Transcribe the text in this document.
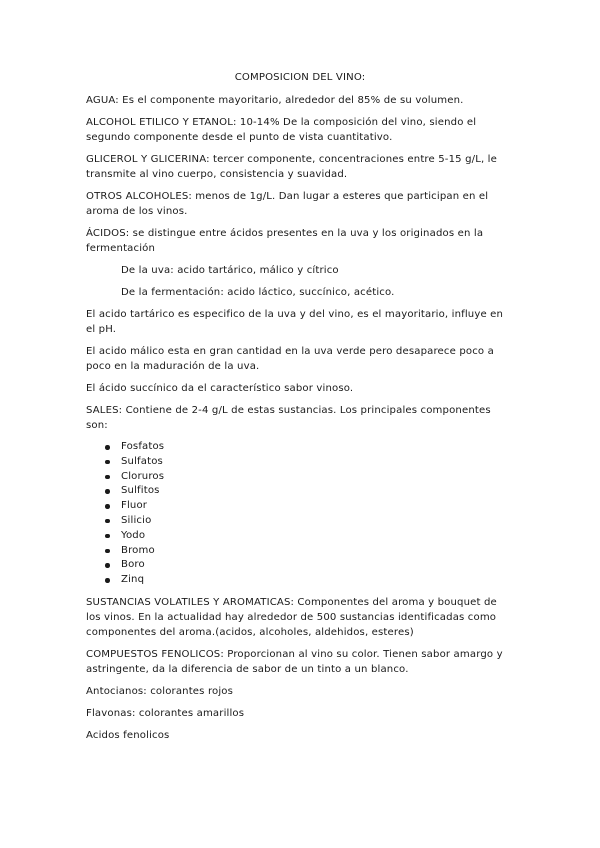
COMPOSICION DEL VINO:

AGUA: Es el componente mayoritario, alrededor del 85% de su volumen.

ALCOHOL ETILICO Y ETANOL: 10-14% De la composición del vino, siendo el segundo componente desde el punto de vista cuantitativo.

GLICEROL Y GLICERINA: tercer componente, concentraciones entre 5-15 g/L, le transmite al vino cuerpo, consistencia y suavidad.

OTROS ALCOHOLES: menos de 1g/L. Dan lugar a esteres que participan en el aroma de los vinos.

ÁCIDOS: se distingue entre ácidos presentes en la uva y los originados en la fermentación

De la uva: acido tartárico, málico y cítrico
De la fermentación: acido láctico, succínico, acético.

El acido tartárico es especifico de la uva y del vino, es el mayoritario, influye en el pH.

El acido málico esta en gran cantidad en la uva verde pero desaparece poco a poco en la maduración de la uva.

El ácido succínico da el característico sabor vinoso.

SALES: Contiene de 2-4 g/L de estas sustancias. Los principales componentes son:

Fosfatos
Sulfatos
Cloruros
Sulfitos
Fluor
Silicio
Yodo
Bromo
Boro
Zinq

SUSTANCIAS VOLATILES Y AROMATICAS: Componentes del aroma y bouquet de los vinos. En la actualidad hay alrededor de 500 sustancias identificadas como componentes del aroma.(acidos, alcoholes, aldehidos, esteres)

COMPUESTOS FENOLICOS: Proporcionan al vino su color. Tienen sabor amargo y astringente, da la diferencia de sabor de un tinto a un blanco.

Antocianos: colorantes rojos

Flavonas: colorantes amarillos

Acidos fenolicos
